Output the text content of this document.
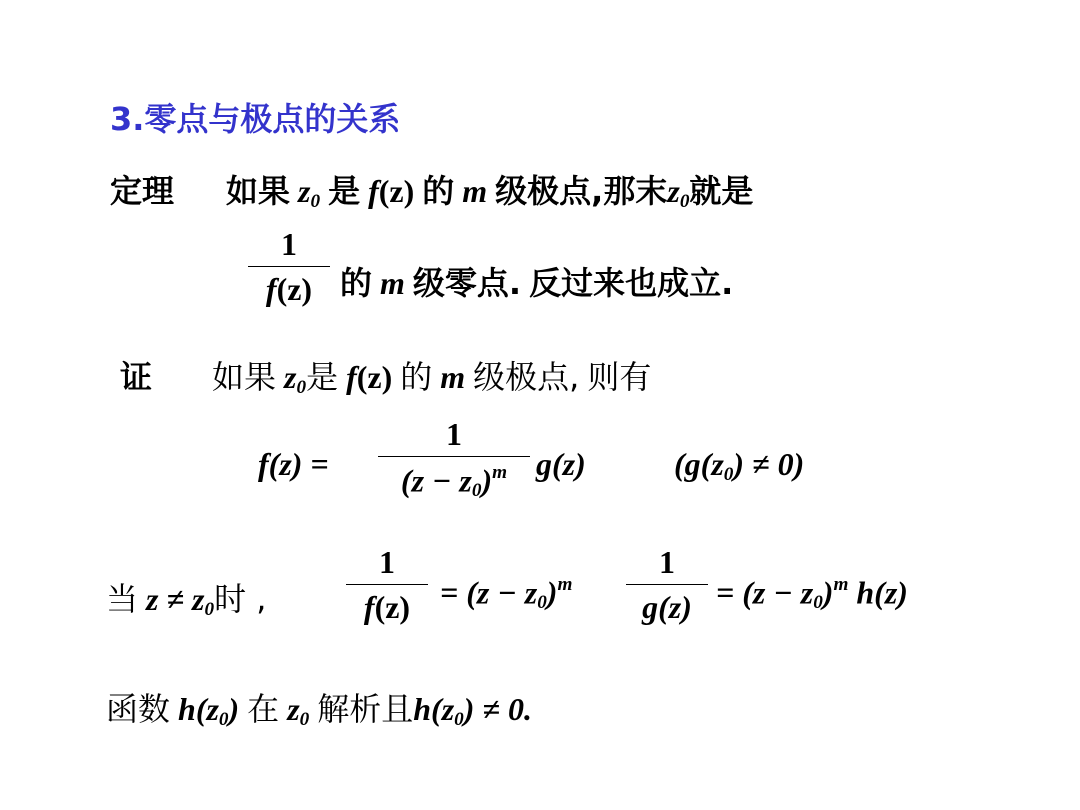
3.零点与极点的关系
定理 如果 $z_0$ 是 f(z) 的 m 级极点,那末$z_0$就是
1
f(z) 的 m 级零点. 反过来也成立.
证 如果 $z_0$是 f(z) 的 m 级极点, 则有
f(z) =
1
$(z - z_0)^m$ g(z)	$(g(z_0) \ne 0)$
当 $z \ne z_0$时 ,
1
$f(z) = (z - z_0)^m$
1
$g(z) = (z - z_0)^m$ h(z)
函数 $h(z_0)$ 在 $z_0$ 解析且$h(z_0) \ne 0$.
